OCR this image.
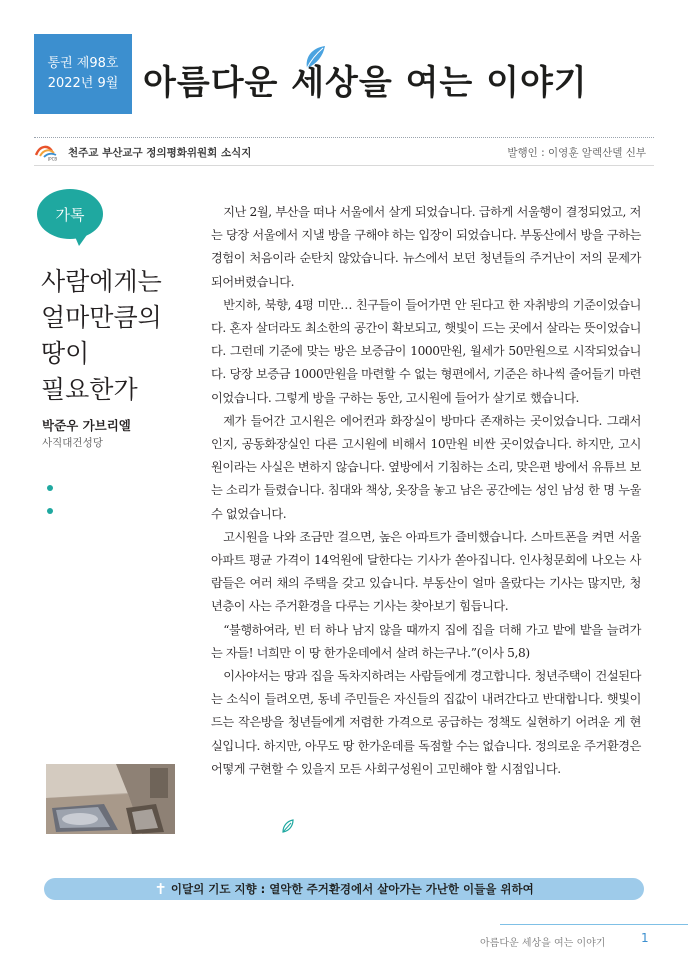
통권 제98호
2022년 9월 아름다운 세상을 여는 이야기
JPCB 천주교 부산교구 정의평화위원회 소식지	발행인 : 이영훈 알렉산델 신부
가톡
사람에게는
얼마만큼의
땅이
필요한가
박준우 가브리엘
사직대건성당

지난 2월, 부산을 떠나 서울에서 살게 되었습니다. 급하게 서울행이 결정되었고, 저는 당장 서울에서 지낼 방을 구해야 하는 입장이 되었습니다. 부동산에서 방을 구하는 경험이 처음이라 순탄치 않았습니다. 뉴스에서 보던 청년들의 주거난이 저의 문제가 되어버렸습니다.

반지하, 북향, 4평 미만… 친구들이 들어가면 안 된다고 한 자취방의 기준이었습니다. 혼자 살더라도 최소한의 공간이 확보되고, 햇빛이 드는 곳에서 살라는 뜻이었습니다. 그런데 기준에 맞는 방은 보증금이 1000만원, 월세가 50만원으로 시작되었습니다. 당장 보증금 1000만원을 마련할 수 없는 형편에서, 기준은 하나씩 줄어들기 마련이었습니다. 그렇게 방을 구하는 동안, 고시원에 들어가 살기로 했습니다.

제가 들어간 고시원은 에어컨과 화장실이 방마다 존재하는 곳이었습니다. 그래서인지, 공동화장실인 다른 고시원에 비해서 10만원 비싼 곳이었습니다. 하지만, 고시원이라는 사실은 변하지 않습니다. 옆방에서 기침하는 소리, 맞은편 방에서 유튜브 보는 소리가 들렸습니다. 침대와 책상, 옷장을 놓고 남은 공간에는 성인 남성 한 명 누울 수 없었습니다.

고시원을 나와 조금만 걸으면, 높은 아파트가 즐비했습니다. 스마트폰을 켜면 서울 아파트 평균 가격이 14억원에 달한다는 기사가 쏟아집니다. 인사청문회에 나오는 사람들은 여러 채의 주택을 갖고 있습니다. 부동산이 얼마 올랐다는 기사는 많지만, 청년층이 사는 주거환경을 다루는 기사는 찾아보기 힘듭니다.

“불행하여라, 빈 터 하나 남지 않을 때까지 집에 집을 더해 가고 밭에 밭을 늘려가는 자들! 너희만 이 땅 한가운데에서 살려 하는구나.”(이사 5,8)

이사야서는 땅과 집을 독차지하려는 사람들에게 경고합니다. 청년주택이 건설된다는 소식이 들려오면, 동네 주민들은 자신들의 집값이 내려간다고 반대합니다. 햇빛이 드는 작은방을 청년들에게 저렴한 가격으로 공급하는 정책도 실현하기 어려운 게 현실입니다. 하지만, 아무도 땅 한가운데를 독점할 수는 없습니다. 정의로운 주거환경은 어떻게 구현할 수 있을지 모든 사회구성원이 고민해야 할 시점입니다.

✝ 이달의 기도 지향 : 열악한 주거환경에서 살아가는 가난한 이들을 위하여
아름다운 세상을 여는 이야기	1
